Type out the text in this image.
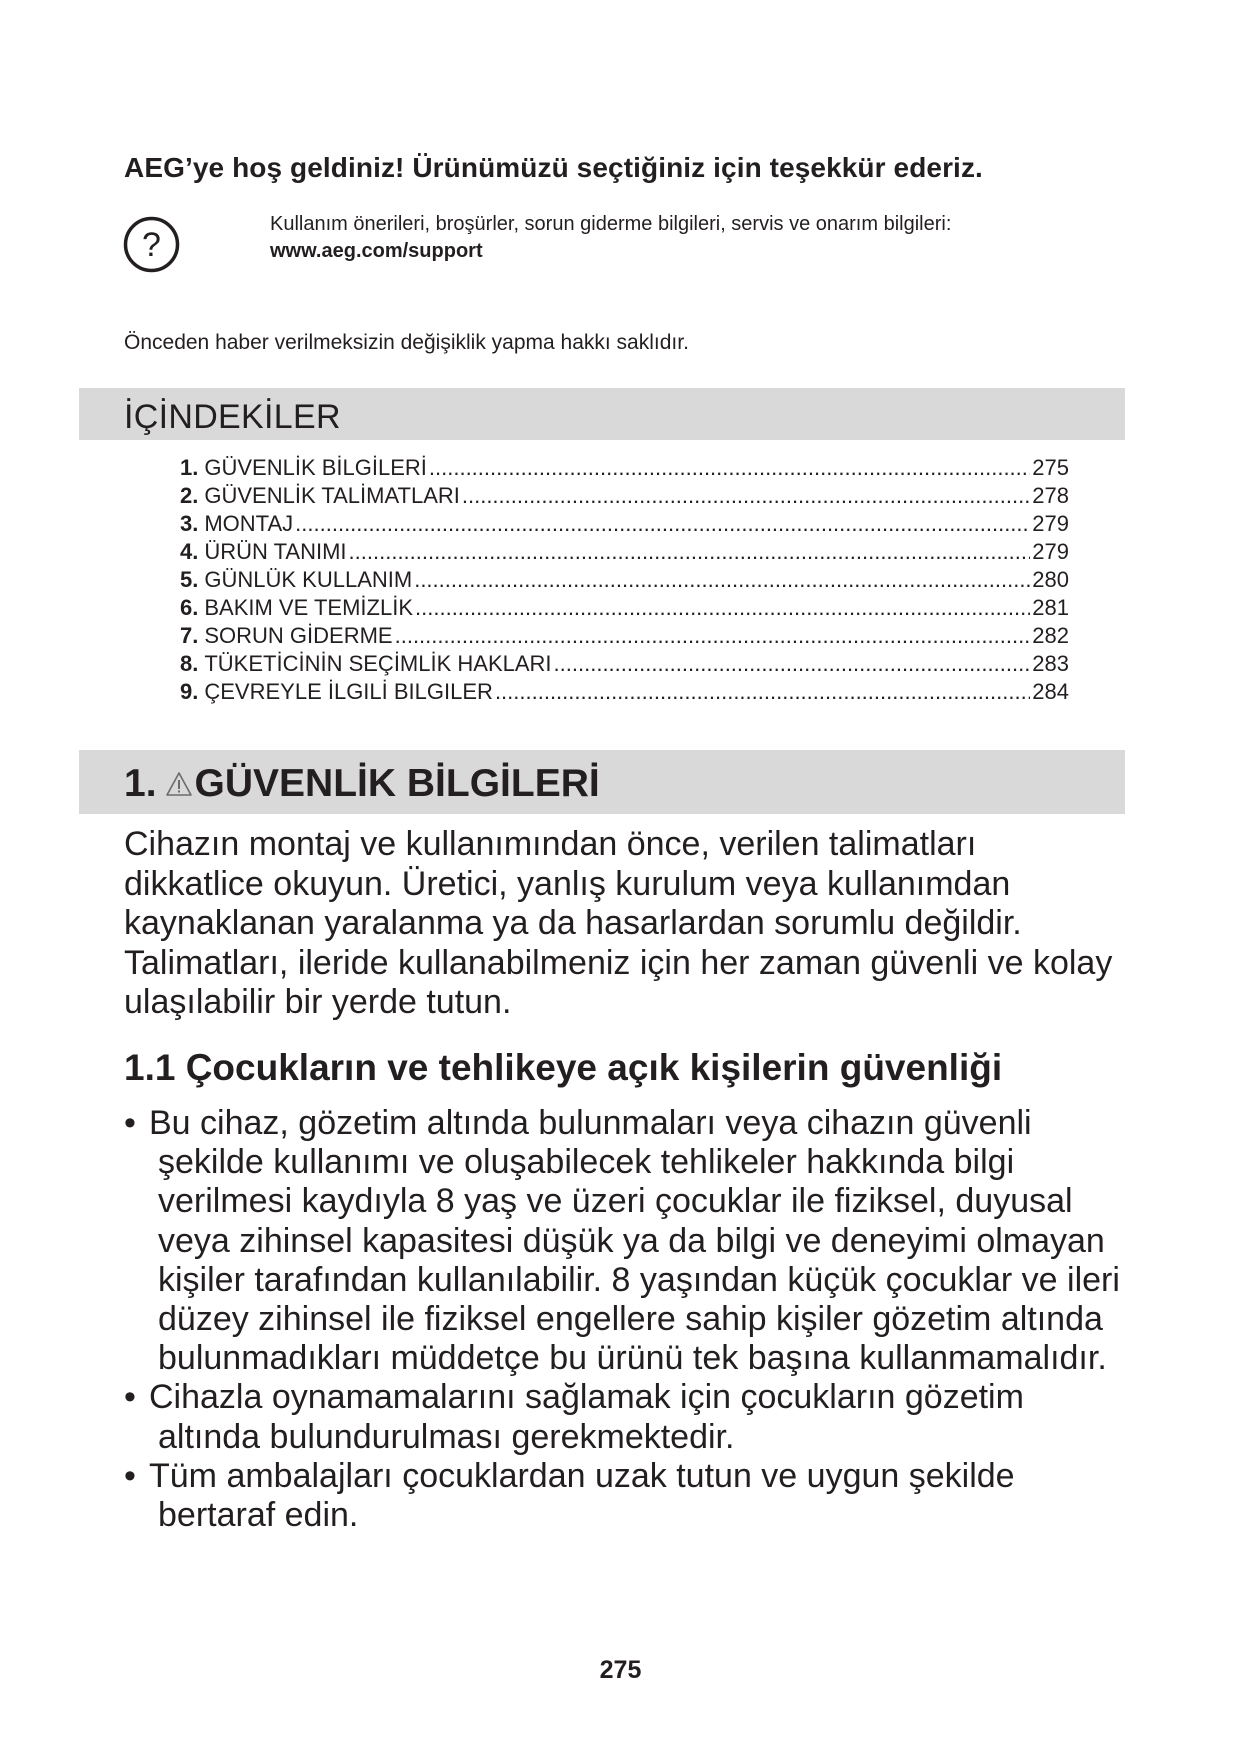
AEG’ye hoş geldiniz! Ürünümüzü seçtiğiniz için teşekkür ederiz.
?
Kullanım önerileri, broşürler, sorun giderme bilgileri, servis ve onarım bilgileri:
www.aeg.com/support
Önceden haber verilmeksizin değişiklik yapma hakkı saklıdır.
İÇİNDEKİLER
1. GÜVENLİK BİLGİLERİ .....	275
2. GÜVENLİK TALİMATLARI .....	278
3. MONTAJ .....	279
4. ÜRÜN TANIMI .....	279
5. GÜNLÜK KULLANIM .....	280
6. BAKIM VE TEMİZLİK .....	281
7. SORUN GİDERME .....	282
8. TÜKETİCİNİN SEÇİMLİK HAKLARI .....	283
9. ÇEVREYLE İLGILİ BILGILER .....	284
1. GÜVENLİK BİLGİLERİ
Cihazın montaj ve kullanımından önce, verilen talimatları dikkatlice okuyun. Üretici, yanlış kurulum veya kullanımdan kaynaklanan yaralanma ya da hasarlardan sorumlu değildir. Talimatları, ileride kullanabilmeniz için her zaman güvenli ve kolay ulaşılabilir bir yerde tutun.
1.1 Çocukların ve tehlikeye açık kişilerin güvenliği
• Bu cihaz, gözetim altında bulunmaları veya cihazın güvenli şekilde kullanımı ve oluşabilecek tehlikeler hakkında bilgi verilmesi kaydıyla 8 yaş ve üzeri çocuklar ile fiziksel, duyusal veya zihinsel kapasitesi düşük ya da bilgi ve deneyimi olmayan kişiler tarafından kullanılabilir. 8 yaşından küçük çocuklar ve ileri düzey zihinsel ile fiziksel engellere sahip kişiler gözetim altında bulunmadıkları müddetçe bu ürünü tek başına kullanmamalıdır.
• Cihazla oynamamalarını sağlamak için çocukların gözetim altında bulundurulması gerekmektedir.
• Tüm ambalajları çocuklardan uzak tutun ve uygun şekilde bertaraf edin.
275
